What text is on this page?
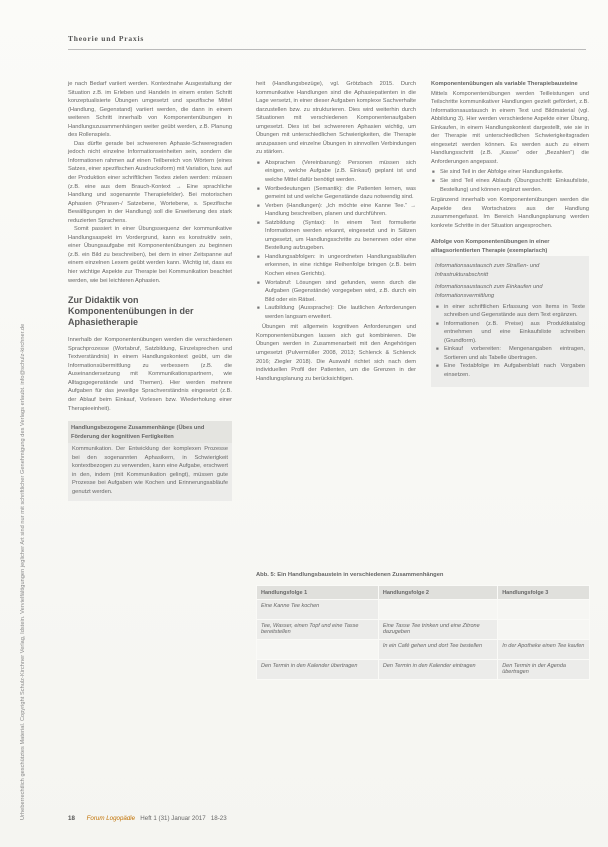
Urheberrechtlich geschütztes Material. Copyright Schulz-Kirchner Verlag, Idstein. Vervielfältigungen jeglicher Art sind nur mit schriftlicher Genehmigung des Verlags erlaubt. info@schulz-kirchner.de
Theorie und Praxis

je nach Bedarf variiert werden. Kontextnahe Ausgestaltung der Situation z.B. im Erleben und Handeln in einem ersten Schritt konzeptualisierte Übungen umgesetzt und spezifische Mittel (Handlung, Gegenstand) variiert werden, die dann in einem weiteren Schritt innerhalb von Komponentenübungen in Handlungszusammenhängen weiter geübt werden, z.B. Planung des Rollenspiels.

Das dürfte gerade bei schwereren Aphasie-Schweregraden jedoch nicht einzelne Informationseinheiten sein, sondern die Informationen rahmen auf einen Teilbereich von Wörtern (eines Satzes, einer spezifischen Ausdrucksform) mit Variation, bzw. auf der Produktion einer schriftlichen Textes zielen werden: müssen (z.B. eine aus dem Brauch-Kontext → Eine sprachliche Handlung und sogenannte Therapiefelder). Bei motorischen Aphasien (Phrasen-/ Satzebene, Wortebene, s. Spezifische Bewältigungen in der Handlung) soll die Erweiterung des stark reduzierten Sprachens.

Somit passiert in einer Übungssequenz der kommunikative Handlungsaspekt im Vordergrund, kann es konstruktiv sein, einer Übungsaufgabe mit Komponentenübungen zu beginnen (z.B. ein Bild zu beschreiben), bei dem in einer Zeitspanne auf einem einzelnen Lexem geübt werden kann. Wichtig ist, dass es hier wichtige Aspekte zur Therapie bei Kommunikation beachtet werden, wie bei leichteren Aphasien.

Zur Didaktik von Komponentenübungen in der Aphasietherapie

Innerhalb der Komponentenübungen werden die verschiedenen Sprachprozesse (Wortabruf, Satzbildung, Einzelsprechen und Textverständnis) in einem Handlungskontext geübt, um die Informationsübermittlung zu verbessern (z.B. die Auseinandersetzung mit Kommunikationspartnern, wie Alltagsgegenstände und Themen). Hier werden mehrere Aufgaben für das jeweilige Sprachverständnis eingesetzt (z.B. der Ablauf beim Einkauf, Vorlesen bzw. Wiederholung einer Therapieeinheit).

Handlungsbezogene Zusammenhänge (Übes und Förderung der kognitiven Fertigkeiten

Kommunikation. Der Entwicklung der komplexen Prozesse bei den sogenannten Aphasikern, in Schwierigkeit kontextbezogen zu verwenden, kann eine Aufgabe, erschwert in den, indem (mit Kommunikation gelingt), müssen gute Prozesse bei Aufgaben wie Kochen und Erinnerungsabläufe genutzt werden.

heit (Handlungsbezüge), vgl. Grötzbach 2015. Durch kommunikative Handlungen sind die Aphasiepatienten in die Lage versetzt, in einer dieser Aufgaben komplexe Sachverhalte darzustellen bzw. zu strukturieren. Dies wird weiterhin durch Situationen mit verschiedenen Komponentenaufgaben umgesetzt. Dies ist bei schwereren Aphasien wichtig, um Übungen mit unterschiedlichen Schwierigkeiten, die Therapie anzupassen und einzelne Übungen in sinnvollen Verbindungen zu stärken.

■ Absprachen (Vereinbarung): Personen müssen sich einigen, welche Aufgabe (z.B. Einkauf) geplant ist und welche Mittel dafür benötigt werden.
■ Wortbedeutungen (Semantik): die Patienten lernen, was gemeint ist und welche Gegenstände dazu notwendig sind.
■ Verben (Handlungen): „Ich möchte eine Kanne Tee.“ → Handlung beschreiben, planen und durchführen.
■ Satzbildung (Syntax): In einem Text formulierte Informationen werden erkannt, eingesetzt und in Sätzen umgesetzt, um Handlungsschritte zu benennen oder eine Bestellung aufzugeben.
■ Handlungsabfolgen: in ungeordneten Handlungsabläufen erkennen, in eine richtige Reihenfolge bringen (z.B. beim Kochen eines Gerichts).
■ Wortabruf: Lösungen sind gefunden, wenn durch die Aufgaben (Gegenstände) vorgegeben wird, z.B. durch ein Bild oder ein Rätsel.
■ Lautbildung (Aussprache): Die lautlichen Anforderungen werden langsam erweitert.

Übungen mit allgemein kognitiven Anforderungen und Komponentenübungen lassen sich gut kombinieren. Die Übungen werden in Zusammenarbeit mit den Angehörigen umgesetzt (Pulvermüller 2008, 2013; Schlenck & Schlenck 2016; Ziegler 2018). Die Auswahl richtet sich nach dem individuellen Profil der Patienten, um die Grenzen in der Handlungsplanung zu berücksichtigen.

Komponentenübungen als variable Therapiebausteine

Mittels Komponentenübungen werden Teilleistungen und Teilschritte kommunikativer Handlungen gezielt gefördert, z.B. Informationsaustausch in einem Text und Bildmaterial (vgl. Abbildung 3). Hier werden verschiedene Aspekte einer Übung, Einkaufen, in einem Handlungskontext dargestellt, wie sie in der Therapie mit unterschiedlichen Schwierigkeitsgraden eingesetzt werden können. Es werden auch zu einem Handlungsschritt (z.B. „Kasse“ oder „Bezahlen“) die Anforderungen angepasst.

■ Sie sind Teil in der Abfolge einer Handlungskette.
■ Sie sind Teil eines Ablaufs (Übungsschritt: Einkaufsliste, Bestellung) und können ergänzt werden.

Ergänzend innerhalb von Komponentenübungen werden die Aspekte des Wortschatzes aus der Handlung zusammengefasst. Im Bereich Handlungsplanung werden konkrete Schritte in der Situation angesprochen.

Abfolge von Komponentenübungen in einer alltagsorientierten Therapie (exemplarisch)
Informationsaustausch zum Straßen- und Infrastrukturabschnitt
Informationsaustausch zum Einkaufen und Informationsvermittlung
■ in einer schriftlichen Erfassung von Items in Texte schreiben und Gegenstände aus dem Text ergänzen.
■ Informationen (z.B. Preise) aus Produktkatalog entnehmen und eine Einkaufsliste schreiben (Grundform).
■ Einkauf vorbereiten: Mengenangaben eintragen, Sortieren und als Tabelle übertragen.
■ Eine Textabfolge im Aufgabenblatt nach Vorgaben einsetzen.
Abb. 5: Ein Handlungsbaustein in verschiedenen Zusammenhängen
Handlungsfolge 1	Handlungsfolge 2	Handlungsfolge 3
Eine Kanne Tee kochen		
Tee, Wasser, einen Topf und eine Tasse bereitstellen	Eine Tasse Tee trinken und eine Zitrone dazugeben	
	In ein Café gehen und dort Tee bestellen	In der Apotheke einen Tee kaufen
Den Termin in den Kalender übertragen	Den Termin in den Kalender eintragen	Den Termin in der Agenda übertragen
18 Forum Logopädie Heft 1 (31) Januar 2017 18-23
